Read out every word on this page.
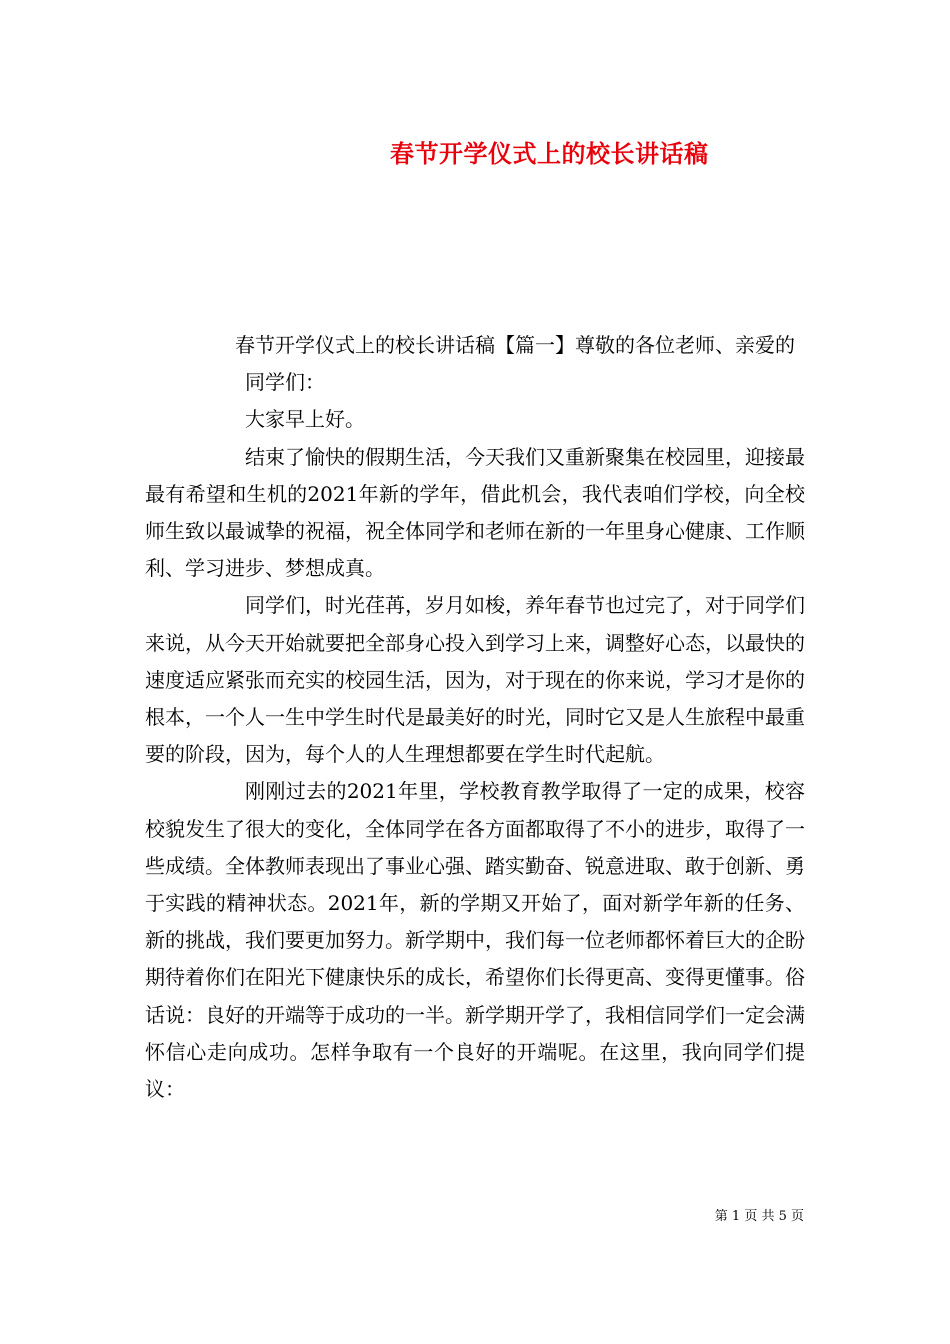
春节开学仪式上的校长讲话稿

春节开学仪式上的校长讲话稿【篇一】尊敬的各位老师、亲爱的

同学们：

大家早上好。

结束了愉快的假期生活，今天我们又重新聚集在校园里，迎接最最有希望和生机的2021年新的学年，借此机会，我代表咱们学校，向全校师生致以最诚挚的祝福，祝全体同学和老师在新的一年里身心健康、工作顺利、学习进步、梦想成真。

同学们，时光荏苒，岁月如梭，养年春节也过完了，对于同学们来说，从今天开始就要把全部身心投入到学习上来，调整好心态，以最快的速度适应紧张而充实的校园生活，因为，对于现在的你来说，学习才是你的根本，一个人一生中学生时代是最美好的时光，同时它又是人生旅程中最重要的阶段，因为，每个人的人生理想都要在学生时代起航。

刚刚过去的2021年里，学校教育教学取得了一定的成果，校容校貌发生了很大的变化，全体同学在各方面都取得了不小的进步，取得了一些成绩。全体教师表现出了事业心强、踏实勤奋、锐意进取、敢于创新、勇于实践的精神状态。2021年，新的学期又开始了，面对新学年新的任务、新的挑战，我们要更加努力。新学期中，我们每一位老师都怀着巨大的企盼期待着你们在阳光下健康快乐的成长，希望你们长得更高、变得更懂事。俗话说：良好的开端等于成功的一半。新学期开学了，我相信同学们一定会满怀信心走向成功。怎样争取有一个良好的开端呢。在这里，我向同学们提议：

第 1 页 共 5 页
